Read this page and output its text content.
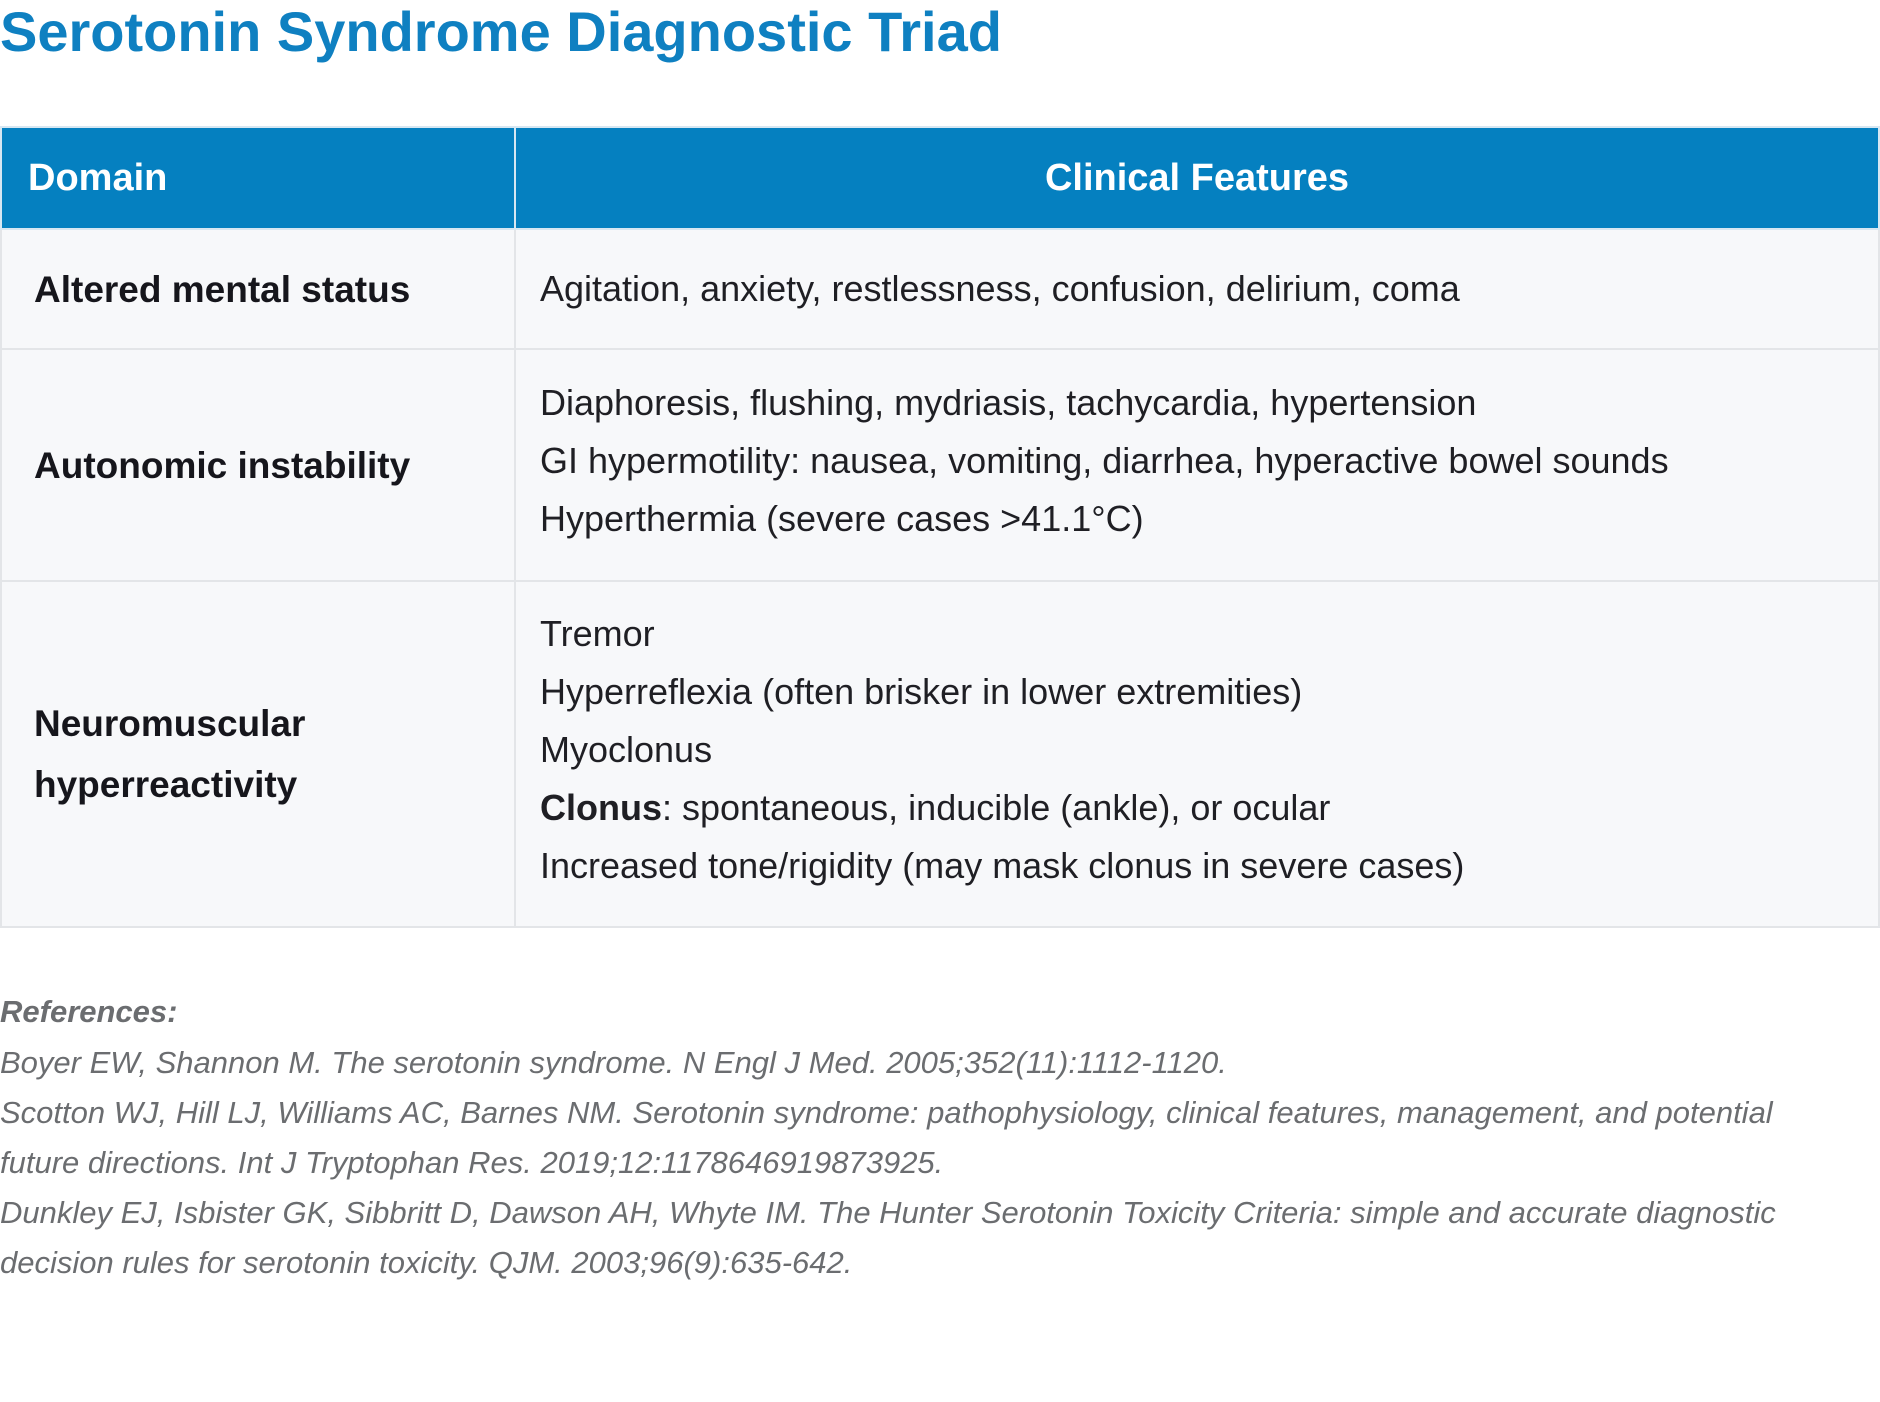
Serotonin Syndrome Diagnostic Triad
Domain	Clinical Features
Altered mental status	Agitation, anxiety, restlessness, confusion, delirium, coma

Autonomic instability	Diaphoresis, flushing, mydriasis, tachycardia, hypertension
GI hypermotility: nausea, vomiting, diarrhea, hyperactive bowel sounds
Hyperthermia (severe cases >41.1°C)

Neuromuscular hyperreactivity	Tremor
Hyperreflexia (often brisker in lower extremities)
Myoclonus
Clonus: spontaneous, inducible (ankle), or ocular
Increased tone/rigidity (may mask clonus in severe cases)

References:

Boyer EW, Shannon M. The serotonin syndrome. N Engl J Med. 2005;352(11):1112-1120.

Scotton WJ, Hill LJ, Williams AC, Barnes NM. Serotonin syndrome: pathophysiology, clinical features, management, and potential future directions. Int J Tryptophan Res. 2019;12:1178646919873925.

Dunkley EJ, Isbister GK, Sibbritt D, Dawson AH, Whyte IM. The Hunter Serotonin Toxicity Criteria: simple and accurate diagnostic decision rules for serotonin toxicity. QJM. 2003;96(9):635-642.
